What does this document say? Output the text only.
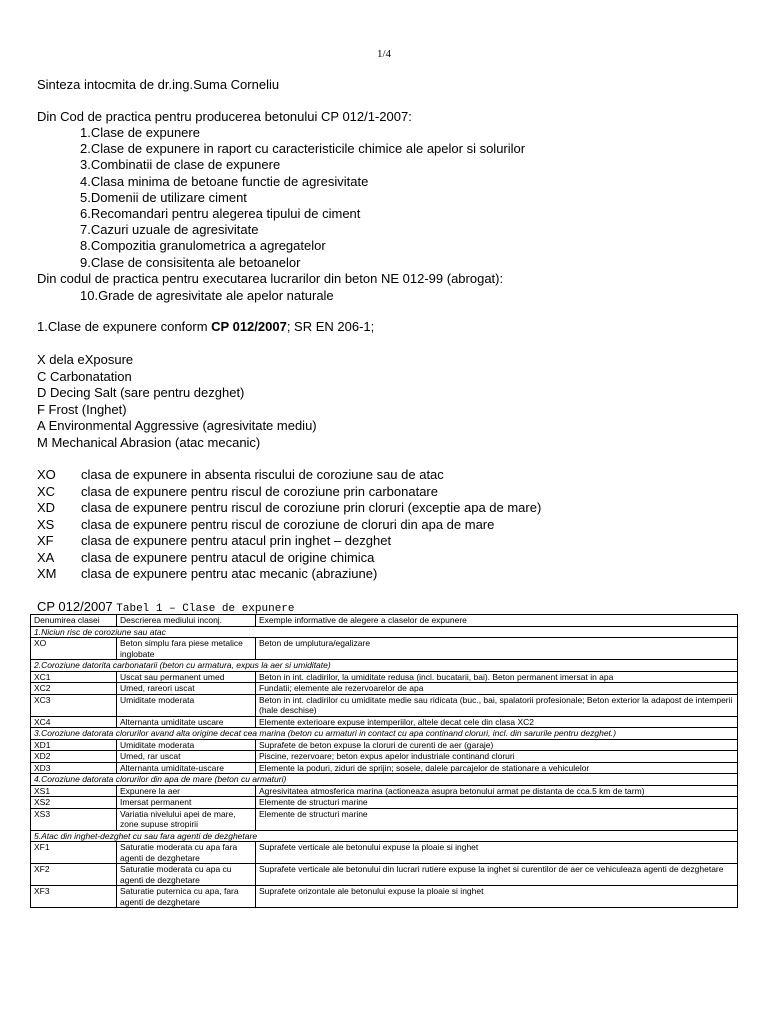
1/4
Sinteza intocmita de dr.ing.Suma Corneliu
Din Cod de practica pentru producerea betonului CP 012/1-2007:
1.Clase de expunere
2.Clase de expunere in raport cu caracteristicile chimice ale apelor si solurilor
3.Combinatii de clase de expunere
4.Clasa minima de betoane functie de agresivitate
5.Domenii de utilizare ciment
6.Recomandari pentru alegerea tipului de ciment
7.Cazuri uzuale de agresivitate
8.Compozitia granulometrica a agregatelor
9.Clase de consisitenta ale betoanelor
Din codul de practica pentru executarea lucrarilor din beton NE 012-99 (abrogat):
10.Grade de agresivitate ale apelor naturale
1.Clase de expunere conform CP 012/2007; SR EN 206-1;
X dela eXposure
C Carbonatation
D Decing Salt (sare pentru dezghet)
F Frost (Inghet)
A Environmental Aggressive (agresivitate mediu)
M Mechanical Abrasion (atac mecanic)
XO	clasa de expunere in absenta riscului de coroziune sau de atac
XC	clasa de expunere pentru riscul de coroziune prin carbonatare
XD	clasa de expunere pentru riscul de coroziune prin cloruri (exceptie apa de mare)
XS	clasa de expunere pentru riscul de coroziune de cloruri din apa de mare
XF	clasa de expunere pentru atacul prin inghet – dezghet
XA	clasa de expunere pentru atacul de origine chimica
XM	clasa de expunere pentru atac mecanic (abraziune)
CP 012/2007 Tabel 1 – Clase de expunere
Denumirea clasei	Descrierea mediului inconj.	Exemple informative de alegere a claselor de expunere
1.Niciun risc de coroziune sau atac		
XO	Beton simplu fara piese metalice inglobate	Beton de umplutura/egalizare
2.Coroziune datorita carbonatarii (beton cu armatura, expus la aer si umiditate)		
XC1	Uscat sau permanent umed	Beton in int. cladirilor, la umiditate redusa (incl. bucatarii, bai). Beton permanent imersat in apa
XC2	Umed, rareori uscat	Fundatii; elemente ale rezervoarelor de apa
XC3	Umiditate moderata	Beton in int. cladirilor cu umiditate medie sau ridicata (buc., bai, spalatorii profesionale; Beton exterior la adapost de intemperii (hale deschise)
XC4	Alternanta umiditate uscare	Elemente exterioare expuse intemperiilor, altele decat cele din clasa XC2
3.Coroziune datorata clorurilor avand alta origine decat cea marina (beton cu armaturi in contact cu apa continand cloruri, incl. din sarurile pentru dezghet.)		
XD1	Umiditate moderata	Suprafete de beton expuse la cloruri de curenti de aer (garaje)
XD2	Umed, rar uscat	Piscine, rezervoare; beton expus apelor industriale continand cloruri
XD3	Alternanta umiditate-uscare	Elemente la poduri, ziduri de sprijin; sosele, dalele parcajelor de stationare a vehiculelor
4.Coroziune datorata clorurilor din apa de mare (beton cu armaturi)		
XS1	Expunere la aer	Agresivitatea atmosferica marina (actioneaza asupra betonului armat pe distanta de cca.5 km de tarm)
XS2	Imersat permanent	Elemente de structuri marine
XS3	Variatia nivelului apei de mare, zone supuse stropirii	Elemente de structuri marine
5.Atac din inghet-dezghet cu sau fara agenti de dezghetare		
XF1	Saturatie moderata cu apa fara agenti de dezghetare	Suprafete verticale ale betonului expuse la ploaie si inghet
XF2	Saturatie moderata cu apa cu agenti de dezghetare	Suprafete verticale ale betonului din lucrari rutiere expuse la inghet si curentilor de aer ce vehiculeaza agenti de dezghetare
XF3	Saturatie puternica cu apa, fara agenti de dezghetare	Suprafete orizontale ale betonului expuse la ploaie si inghet
